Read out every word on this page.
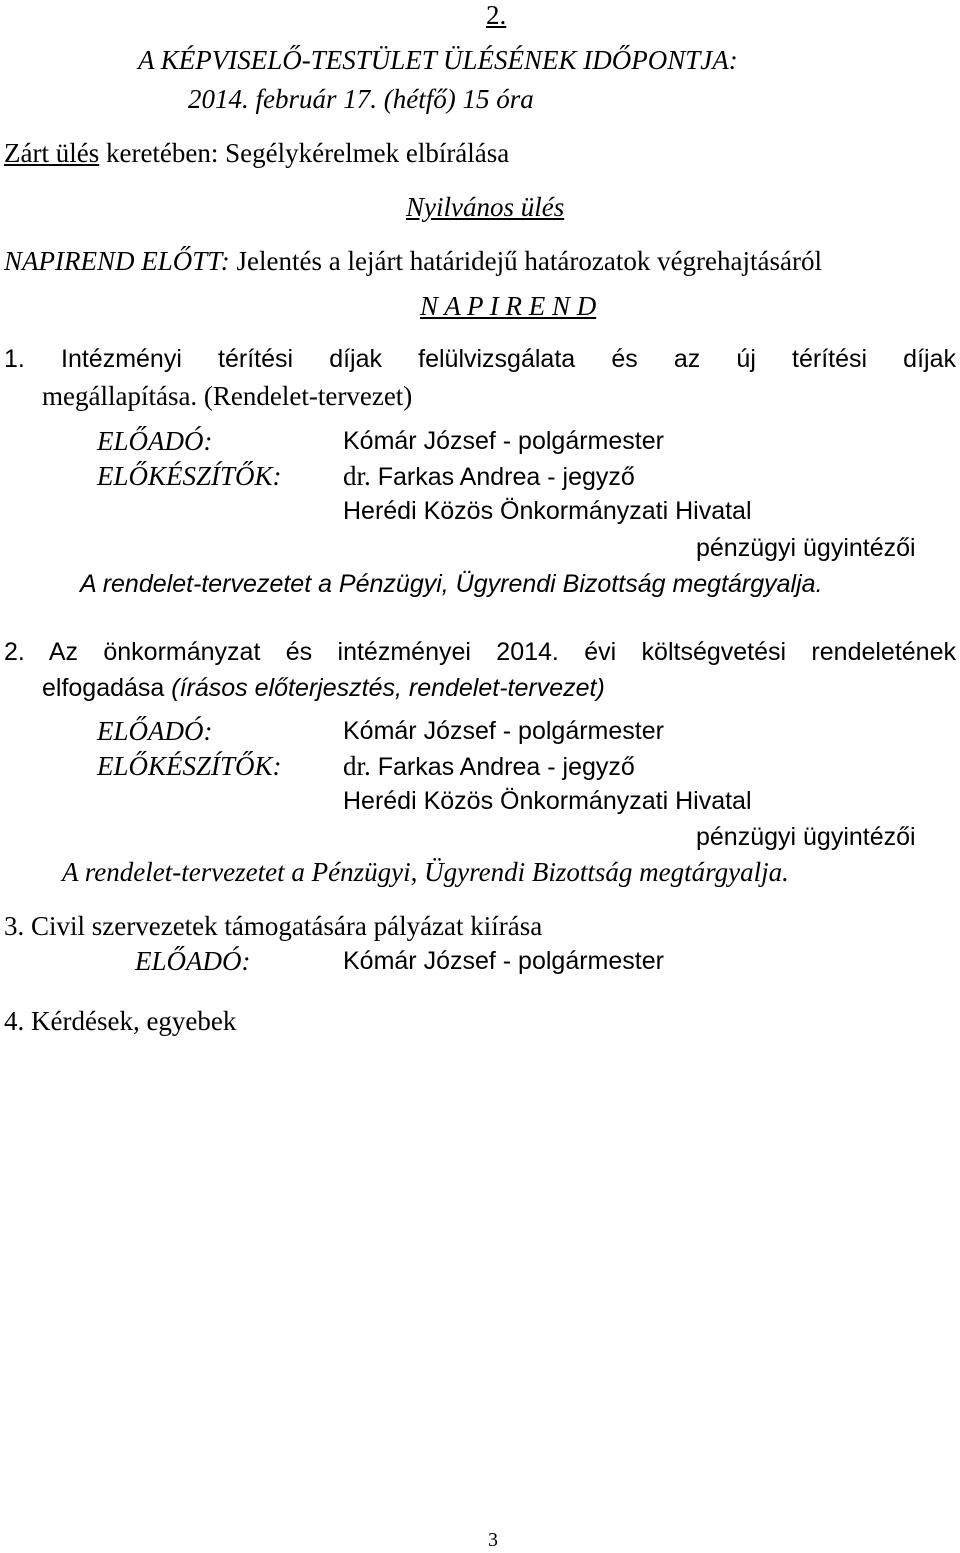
2.
A KÉPVISELŐ-TESTÜLET ÜLÉSÉNEK IDŐPONTJA:
2014. február 17. (hétfő) 15 óra
Zárt ülés keretében: Segélykérelmek elbírálása
Nyilvános ülés
NAPIREND ELŐTT: Jelentés a lejárt határidejű határozatok végrehajtásáról
N A P I R E N D
1. Intézményi térítési díjak felülvizsgálata és az új térítési díjak
megállapítása. (Rendelet-tervezet)
ELŐADÓ:	Kómár József - polgármester
ELŐKÉSZÍTŐK: dr. Farkas Andrea - jegyző
Herédi Közös Önkormányzati Hivatal
pénzügyi ügyintézői
A rendelet-tervezetet a Pénzügyi, Ügyrendi Bizottság megtárgyalja.
2. Az önkormányzat és intézményei 2014. évi költségvetési rendeletének
elfogadása (írásos előterjesztés, rendelet-tervezet)
ELŐADÓ:	Kómár József - polgármester
ELŐKÉSZÍTŐK: dr. Farkas Andrea - jegyző
Herédi Közös Önkormányzati Hivatal
pénzügyi ügyintézői
A rendelet-tervezetet a Pénzügyi, Ügyrendi Bizottság megtárgyalja.
3. Civil szervezetek támogatására pályázat kiírása
ELŐADÓ:	Kómár József - polgármester
4. Kérdések, egyebek
3
